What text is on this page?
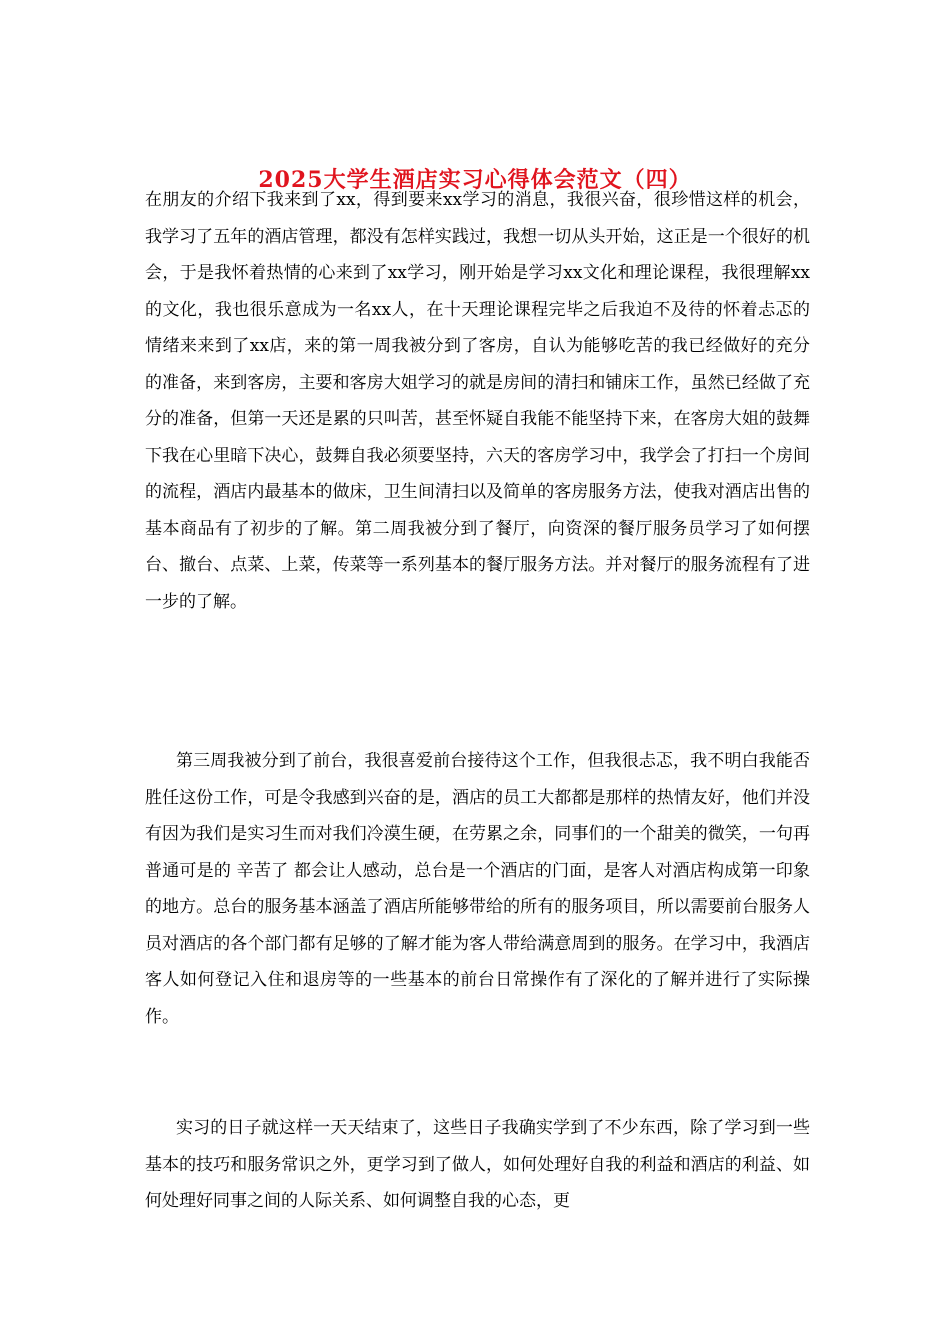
2025大学生酒店实习心得体会范文（四）

在朋友的介绍下我来到了xx，得到要来xx学习的消息，我很兴奋，很珍惜这样的机会，我学习了五年的酒店管理，都没有怎样实践过，我想一切从头开始，这正是一个很好的机会，于是我怀着热情的心来到了xx学习，刚开始是学习xx文化和理论课程，我很理解xx的文化，我也很乐意成为一名xx人，在十天理论课程完毕之后我迫不及待的怀着忐忑的情绪来来到了xx店，来的第一周我被分到了客房，自认为能够吃苦的我已经做好的充分的准备，来到客房，主要和客房大姐学习的就是房间的清扫和铺床工作，虽然已经做了充分的准备，但第一天还是累的只叫苦，甚至怀疑自我能不能坚持下来，在客房大姐的鼓舞下我在心里暗下决心，鼓舞自我必须要坚持，六天的客房学习中，我学会了打扫一个房间的流程，酒店内最基本的做床，卫生间清扫以及简单的客房服务方法，使我对酒店出售的基本商品有了初步的了解。第二周我被分到了餐厅，向资深的餐厅服务员学习了如何摆台、撤台、点菜、上菜，传菜等一系列基本的餐厅服务方法。并对餐厅的服务流程有了进一步的了解。

第三周我被分到了前台，我很喜爱前台接待这个工作，但我很忐忑，我不明白我能否胜任这份工作，可是令我感到兴奋的是，酒店的员工大都都是那样的热情友好，他们并没有因为我们是实习生而对我们冷漠生硬，在劳累之余，同事们的一个甜美的微笑，一句再普通可是的 辛苦了 都会让人感动，总台是一个酒店的门面，是客人对酒店构成第一印象的地方。总台的服务基本涵盖了酒店所能够带给的所有的服务项目，所以需要前台服务人员对酒店的各个部门都有足够的了解才能为客人带给满意周到的服务。在学习中，我酒店客人如何登记入住和退房等的一些基本的前台日常操作有了深化的了解并进行了实际操作。

实习的日子就这样一天天结束了，这些日子我确实学到了不少东西，除了学习到一些基本的技巧和服务常识之外，更学习到了做人，如何处理好自我的利益和酒店的利益、如何处理好同事之间的人际关系、如何调整自我的心态，更
